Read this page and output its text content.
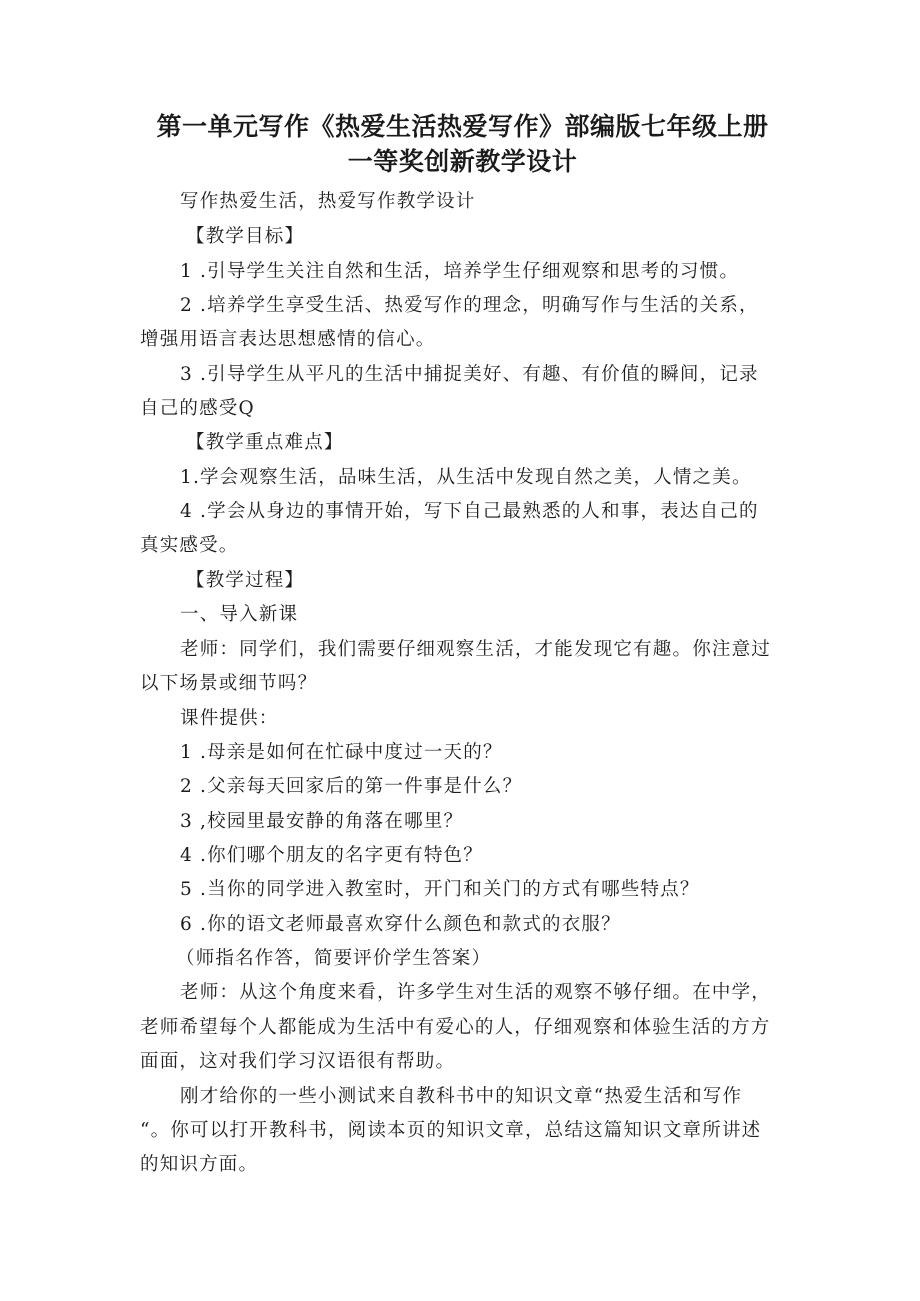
第一单元写作《热爱生活热爱写作》部编版七年级上册
一等奖创新教学设计

写作热爱生活，热爱写作教学设计

【教学目标】

1 .引导学生关注自然和生活，培养学生仔细观察和思考的习惯。

2 .培养学生享受生活、热爱写作的理念，明确写作与生活的关系，

增强用语言表达思想感情的信心。

3 .引导学生从平凡的生活中捕捉美好、有趣、有价值的瞬间，记录

自己的感受Q

【教学重点难点】

1.学会观察生活，品味生活，从生活中发现自然之美，人情之美。

4 .学会从身边的事情开始，写下自己最熟悉的人和事，表达自己的

真实感受。

【教学过程】

一、导入新课

老师：同学们，我们需要仔细观察生活，才能发现它有趣。你注意过

以下场景或细节吗？

课件提供：

1 .母亲是如何在忙碌中度过一天的？

2 .父亲每天回家后的第一件事是什么？

3 ,校园里最安静的角落在哪里？

4 .你们哪个朋友的名字更有特色？

5 .当你的同学进入教室时，开门和关门的方式有哪些特点？

6 .你的语文老师最喜欢穿什么颜色和款式的衣服？

（师指名作答，简要评价学生答案）

老师：从这个角度来看，许多学生对生活的观察不够仔细。在中学，

老师希望每个人都能成为生活中有爱心的人，仔细观察和体验生活的方方

面面，这对我们学习汉语很有帮助。

刚才给你的一些小测试来自教科书中的知识文章“热爱生活和写作

“。你可以打开教科书，阅读本页的知识文章，总结这篇知识文章所讲述

的知识方面。
